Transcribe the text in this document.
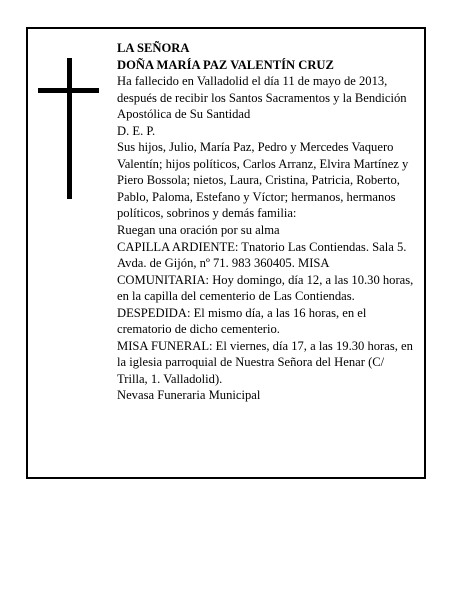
LA SEÑORA

DOÑA MARÍA PAZ VALENTÍN CRUZ

Ha fallecido en Valladolid el día 11 de mayo de 2013, después de recibir los Santos Sacramentos y la Bendición Apostólica de Su Santidad

D. E. P.

Sus hijos, Julio, María Paz, Pedro y Mercedes Vaquero Valentín; hijos políticos, Carlos Arranz, Elvira Martínez y Piero Bossola; nietos, Laura, Cristina, Patricia, Roberto, Pablo, Paloma, Estefano y Víctor; hermanos, hermanos políticos, sobrinos y demás familia:

Ruegan una oración por su alma

CAPILLA ARDIENTE: Tnatorio Las Contiendas. Sala 5. Avda. de Gijón, nº 71. 983 360405. MISA COMUNITARIA: Hoy domingo, día 12, a las 10.30 horas, en la capilla del cementerio de Las Contiendas.

DESPEDIDA: El mismo día, a las 16 horas, en el crematorio de dicho cementerio.

MISA FUNERAL: El viernes, día 17, a las 19.30 horas, en la iglesia parroquial de Nuestra Señora del Henar (C/ Trilla, 1. Valladolid).

Nevasa Funeraria Municipal
